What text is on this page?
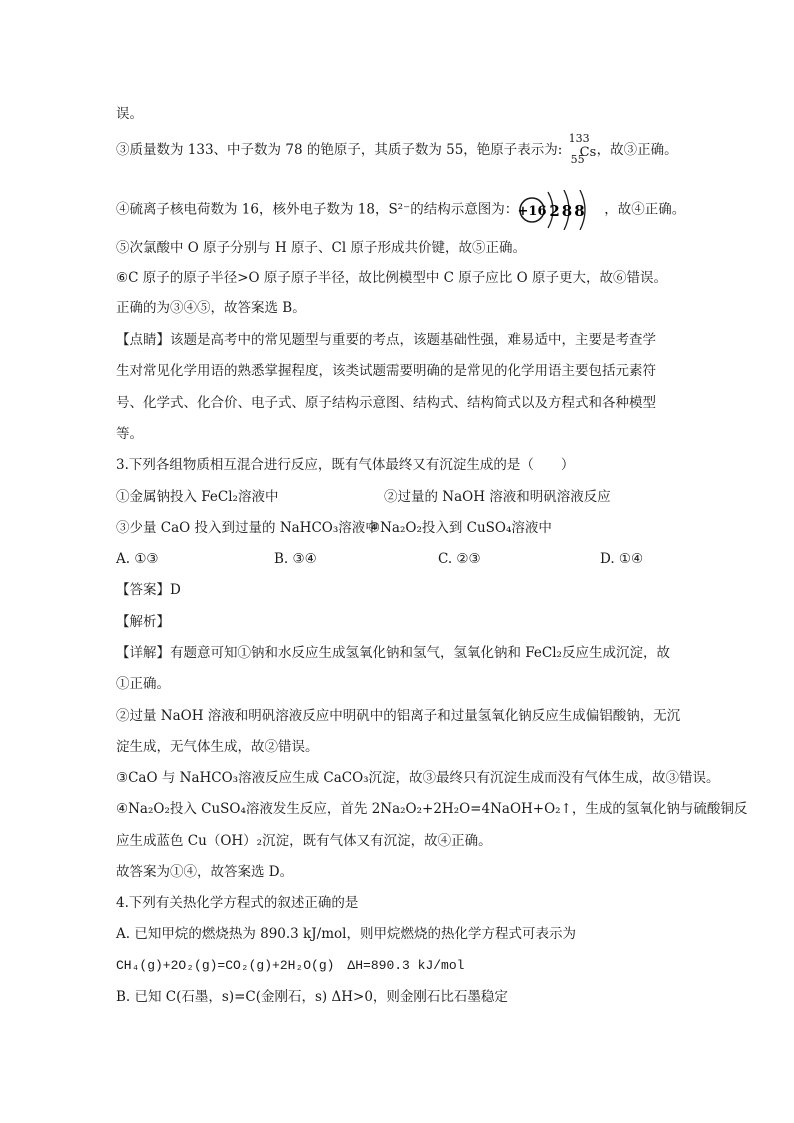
误。
③质量数为 133、中子数为 78 的铯原子，其质子数为 55，铯原子表示为:
133
55
Cs ，故③正确。
④硫离子核电荷数为 16，核外电子数为 18，S²⁻的结构示意图为： +16 288 ，故④正确。
⑤次氯酸中 O 原子分别与 H 原子、Cl 原子形成共价键，故⑤正确。
⑥C 原子的原子半径>O 原子原子半径，故比例模型中 C 原子应比 O 原子更大，故⑥错误。
正确的为③④⑤，故答案选 B。
【点睛】该题是高考中的常见题型与重要的考点，该题基础性强，难易适中，主要是考查学
生对常见化学用语的熟悉掌握程度，该类试题需要明确的是常见的化学用语主要包括元素符
号、化学式、化合价、电子式、原子结构示意图、结构式、结构简式以及方程式和各种模型
等。
3.下列各组物质相互混合进行反应，既有气体最终又有沉淀生成的是（　　）
①金属钠投入 FeCl₂溶液中	②过量的 NaOH 溶液和明矾溶液反应
③少量 CaO 投入到过量的 NaHCO₃溶液中
④Na₂O₂投入到 CuSO₄溶液中
A. ①③	B. ③④	C. ②③	D. ①④
【答案】D
【解析】
【详解】有题意可知①钠和水反应生成氢氧化钠和氢气，氢氧化钠和 FeCl₂反应生成沉淀，故
①正确。
②过量 NaOH 溶液和明矾溶液反应中明矾中的铝离子和过量氢氧化钠反应生成偏铝酸钠，无沉
淀生成，无气体生成，故②错误。
③CaO 与 NaHCO₃溶液反应生成 CaCO₃沉淀，故③最终只有沉淀生成而没有气体生成，故③错误。
④Na₂O₂投入 CuSO₄溶液发生反应，首先 2Na₂O₂+2H₂O=4NaOH+O₂↑，生成的氢氧化钠与硫酸铜反
应生成蓝色 Cu（OH）₂沉淀，既有气体又有沉淀，故④正确。
故答案为①④，故答案选 D。
4.下列有关热化学方程式的叙述正确的是
A. 已知甲烷的燃烧热为 890.3 kJ/mol，则甲烷燃烧的热化学方程式可表示为
CH₄(g)+2O₂(g)=CO₂(g)+2H₂O(g)　ΔH=890.3 kJ/mol
B. 已知 C(石墨，s)=C(金刚石，s) ΔH>0，则金刚石比石墨稳定
